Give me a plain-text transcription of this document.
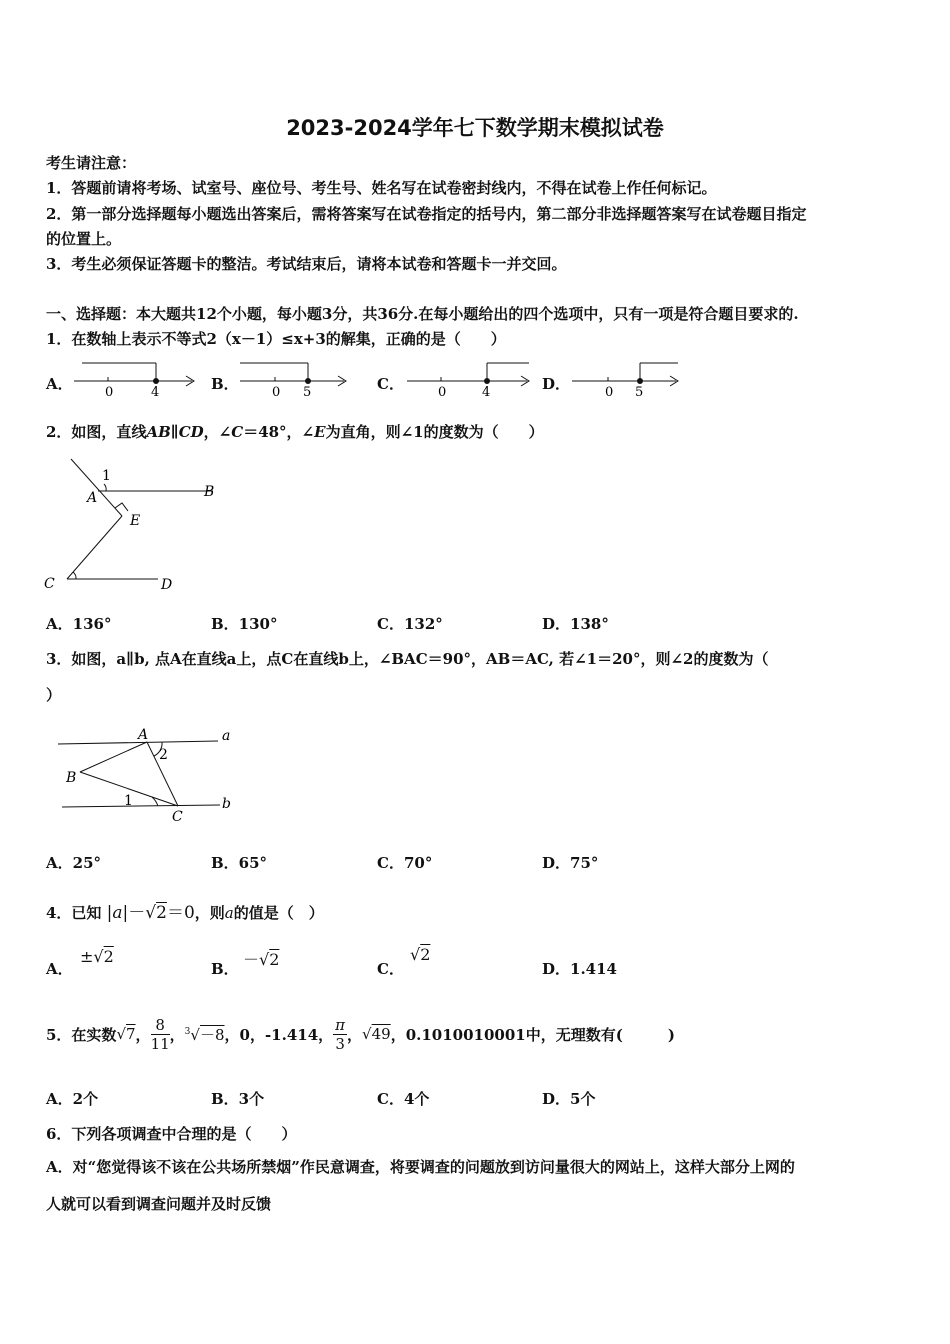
2023-2024学年七下数学期末模拟试卷
考生请注意：
1．答题前请将考场、试室号、座位号、考生号、姓名写在试卷密封线内，不得在试卷上作任何标记。
2．第一部分选择题每小题选出答案后，需将答案写在试卷指定的括号内，第二部分非选择题答案写在试卷题目指定
的位置上。
3．考生必须保证答题卡的整洁。考试结束后，请将本试卷和答题卡一并交回。
一、选择题：本大题共12个小题，每小题3分，共36分.在每小题给出的四个选项中，只有一项是符合题目要求的.
1．在数轴上表示不等式2（x－1）≤x+3的解集，正确的是（　　）
A． 0	4	B．	0 5	C．	0	4	D．	0 5
2．如图，直线AB∥CD，∠C＝48°，∠E为直角，则∠1的度数为（　　）
1
A	B
E
C	D
A．136°	B．130°	C．132°	D．138°
3．如图，a∥b, 点A在直线a上，点C在直线b上，∠BAC＝90°，AB＝AC, 若∠1＝20°，则∠2的度数为（
）
A
2
a
B
1	b
C
A．25°	B．65°	C．70°	D．75°
4．已知 |a|－√2＝0，则a的值是（　）
A．
±√2
B． －√2	C．
√2
D．1.414
5．在实数 √7 ， $\frac{8}{11}$ ， $^3$√－8 ，0，-1.414， $\frac{\pi}{3}$ ， √49 ，0.1010010001中，无理数有(　　　)
A．2个	B．3个	C．4个	D．5个
6．下列各项调查中合理的是（　　）
A．对“您觉得该不该在公共场所禁烟”作民意调查，将要调查的问题放到访问量很大的网站上，这样大部分上网的
人就可以看到调查问题并及时反馈
